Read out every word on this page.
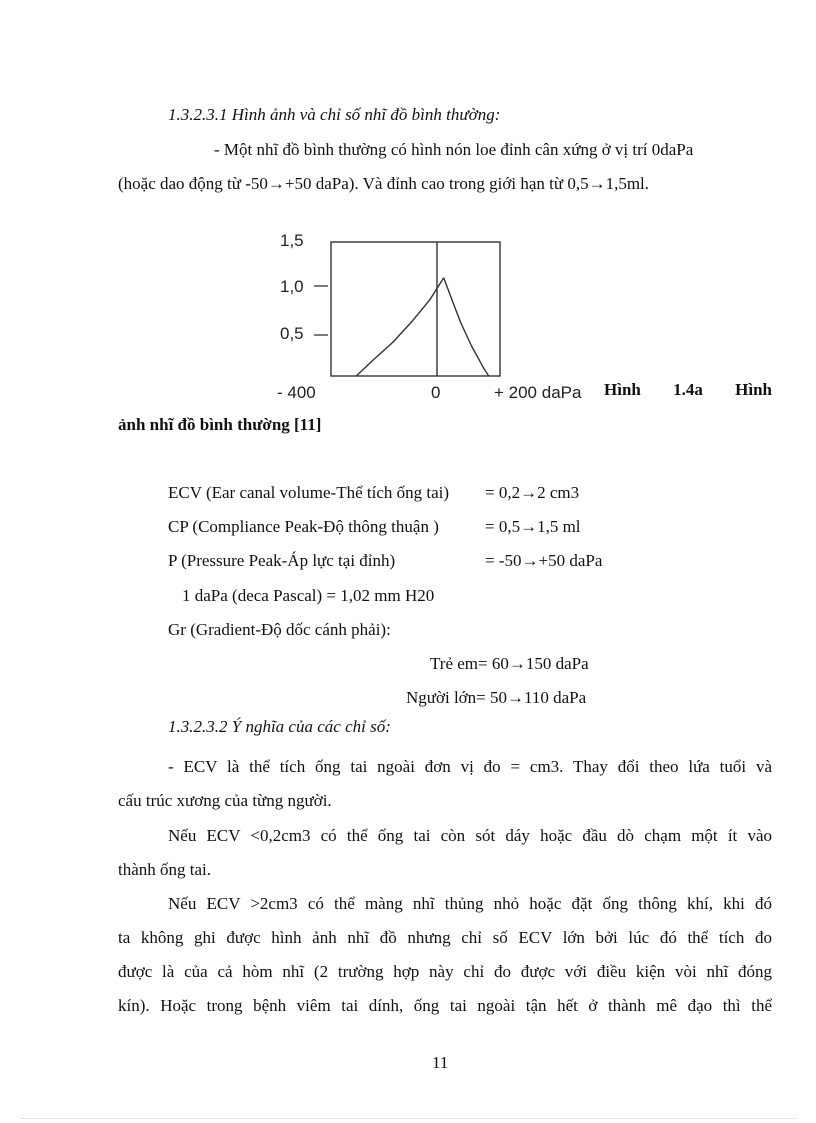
1.3.2.3.1 Hình ảnh và chỉ số nhĩ đồ bình thường:
- Một nhĩ đồ bình thường có hình nón loe đỉnh cân xứng ở vị trí 0daPa
(hoặc dao động từ -50→+50 daPa). Và đỉnh cao trong giới hạn từ 0,5→1,5ml.
1,5
1,0
0,5
- 400	0	+ 200 daPa Hình 1.4a Hình
ảnh nhĩ đồ bình thường [11]
ECV (Ear canal volume-Thể tích ống tai) = 0,2→2 cm3
CP (Compliance Peak-Độ thông thuận )	= 0,5→1,5 ml
P (Pressure Peak-Áp lực tại đỉnh)	= -50→+50 daPa
1 daPa (deca Pascal) = 1,02 mm H20
Gr (Gradient-Độ dốc cánh phải):
Trẻ em= 60→150 daPa
Người lớn= 50→110 daPa
1.3.2.3.2 Ý nghĩa của các chỉ số:
- ECV là thể tích ống tai ngoài đơn vị đo = cm3. Thay đổi theo lứa tuổi và
cấu trúc xương của từng người.
Nếu ECV <0,2cm3 có thể ống tai còn sót dáy hoặc đầu dò chạm một ít vào
thành ống tai.
Nếu ECV >2cm3 có thể màng nhĩ thủng nhỏ hoặc đặt ống thông khí, khi đó
ta không ghi được hình ảnh nhĩ đồ nhưng chỉ số ECV lớn bởi lúc đó thể tích đo
được là của cả hòm nhĩ (2 trường hợp này chỉ đo được với điều kiện vòi nhĩ đóng
kín). Hoặc trong bệnh viêm tai dính, ống tai ngoài tận hết ở thành mê đạo thì thể
11
